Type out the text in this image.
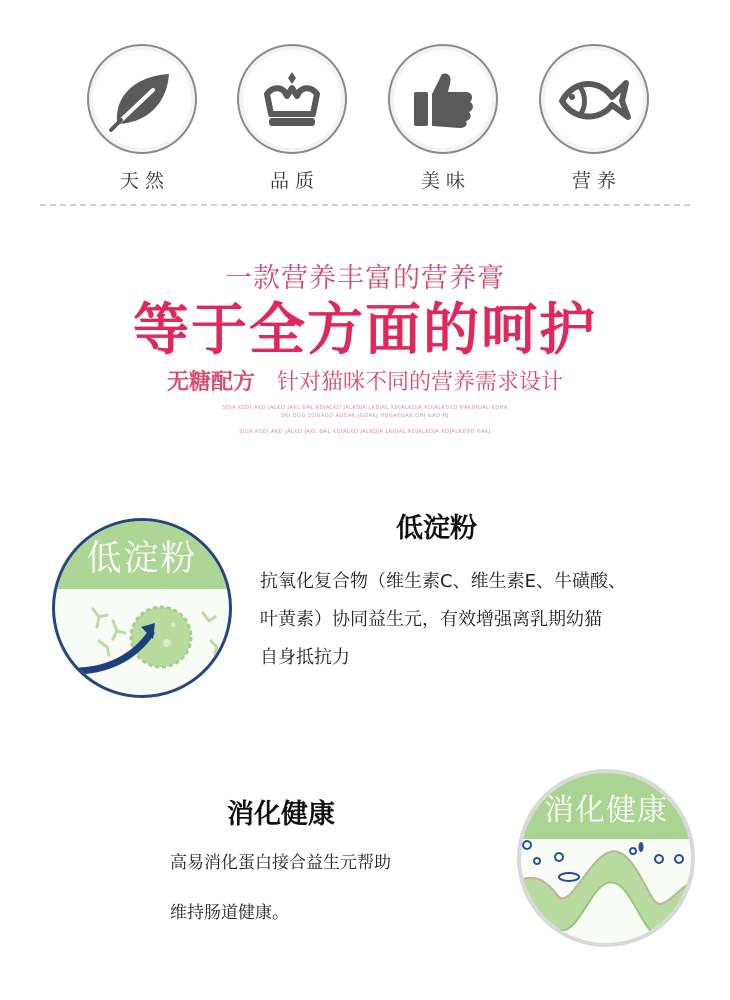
天然	品质	美味	营养
一款营养丰富的营养膏
等于全方面的呵护
无糖配方 针对猫咪不同的营养需求设计
SDJA KSDI AKD JALKD JAKL DAL KDJALKD JALKDJA LKDJAL KDJALKDJA KDJALKDSD HAKJHDAL KDHA
SKI DGG DDGAGD AGDAK JGDAKJ HDGAKGAK DHJ GAD HJ
SDJA KSDI AKD JALKD JAKL DAL KDJALKD JALKDJA LKDJAL KDJALKDJA KDJALKDSD HAKJ
低淀粉
低淀粉
抗氧化复合物（维生素C、维生素E、牛磺酸、
叶黄素）协同益生元，有效增强离乳期幼猫
自身抵抗力
消化健康
高易消化蛋白接合益生元帮助
维持肠道健康。
消化健康
